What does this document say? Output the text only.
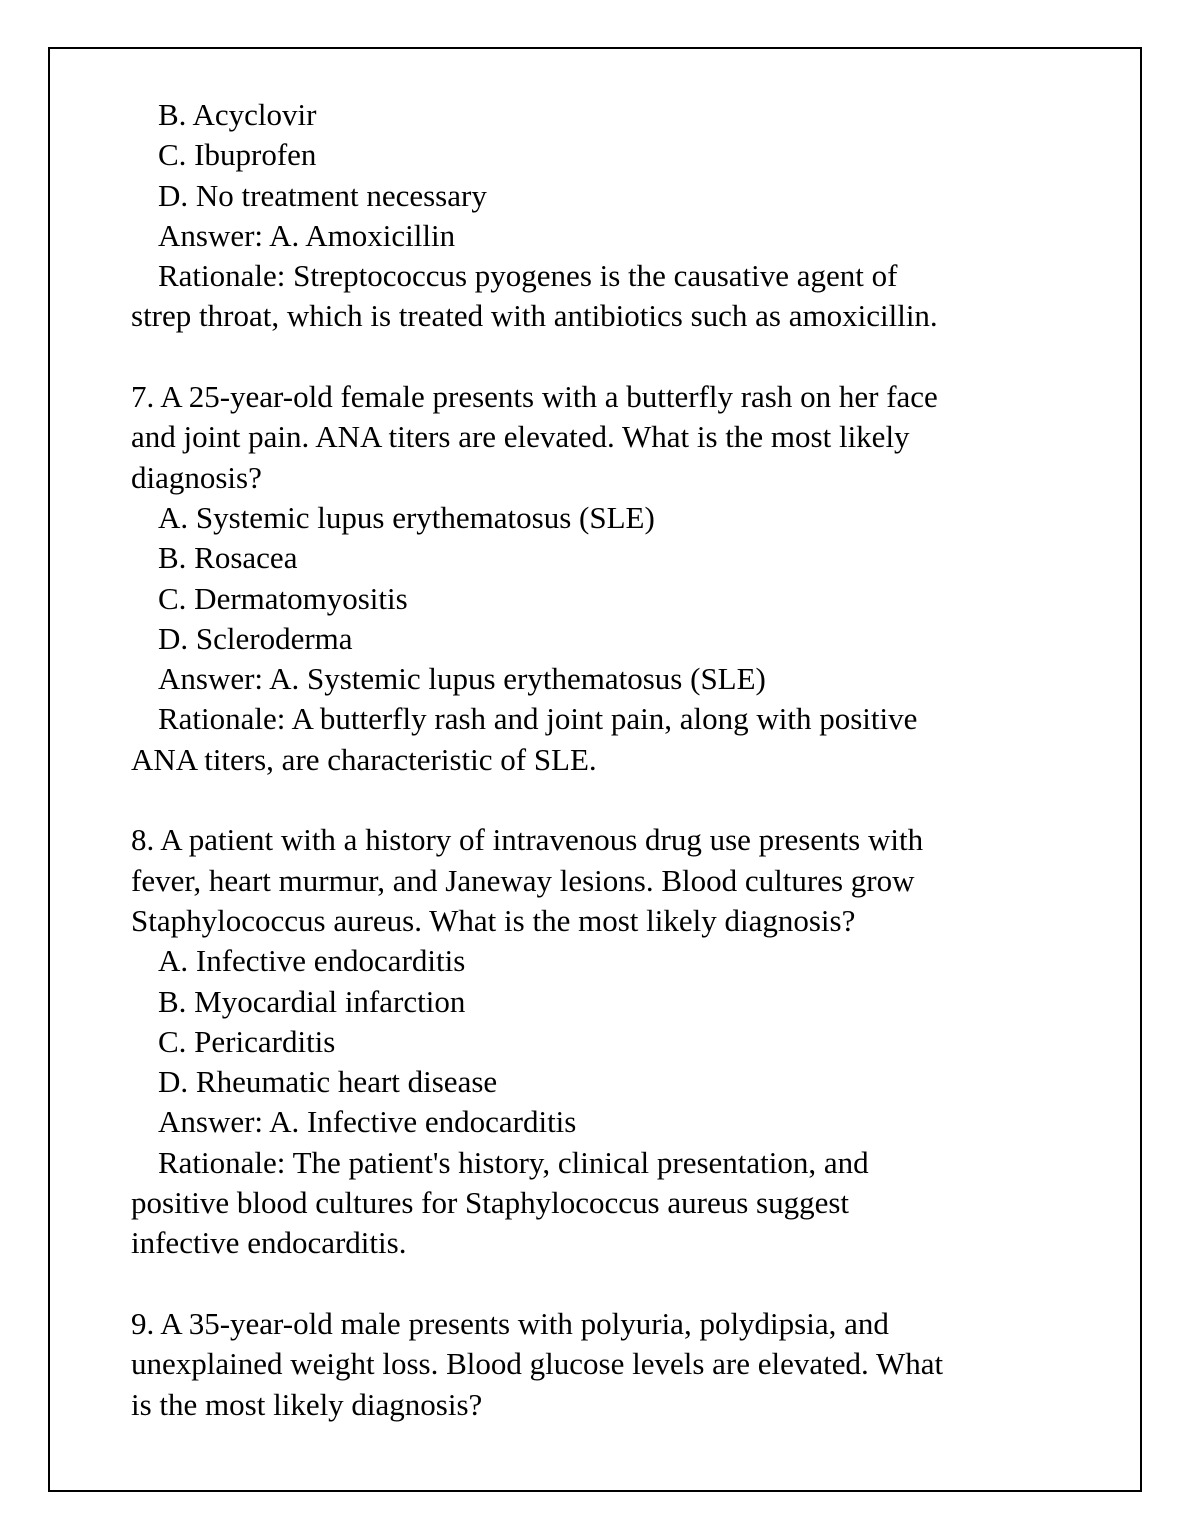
B. Acyclovir
C. Ibuprofen
D. No treatment necessary
Answer: A. Amoxicillin
Rationale: Streptococcus pyogenes is the causative agent of
strep throat, which is treated with antibiotics such as amoxicillin.
7. A 25-year-old female presents with a butterfly rash on her face
and joint pain. ANA titers are elevated. What is the most likely
diagnosis?
A. Systemic lupus erythematosus (SLE)
B. Rosacea
C. Dermatomyositis
D. Scleroderma
Answer: A. Systemic lupus erythematosus (SLE)
Rationale: A butterfly rash and joint pain, along with positive
ANA titers, are characteristic of SLE.
8. A patient with a history of intravenous drug use presents with
fever, heart murmur, and Janeway lesions. Blood cultures grow
Staphylococcus aureus. What is the most likely diagnosis?
A. Infective endocarditis
B. Myocardial infarction
C. Pericarditis
D. Rheumatic heart disease
Answer: A. Infective endocarditis
Rationale: The patient's history, clinical presentation, and
positive blood cultures for Staphylococcus aureus suggest
infective endocarditis.
9. A 35-year-old male presents with polyuria, polydipsia, and
unexplained weight loss. Blood glucose levels are elevated. What
is the most likely diagnosis?
